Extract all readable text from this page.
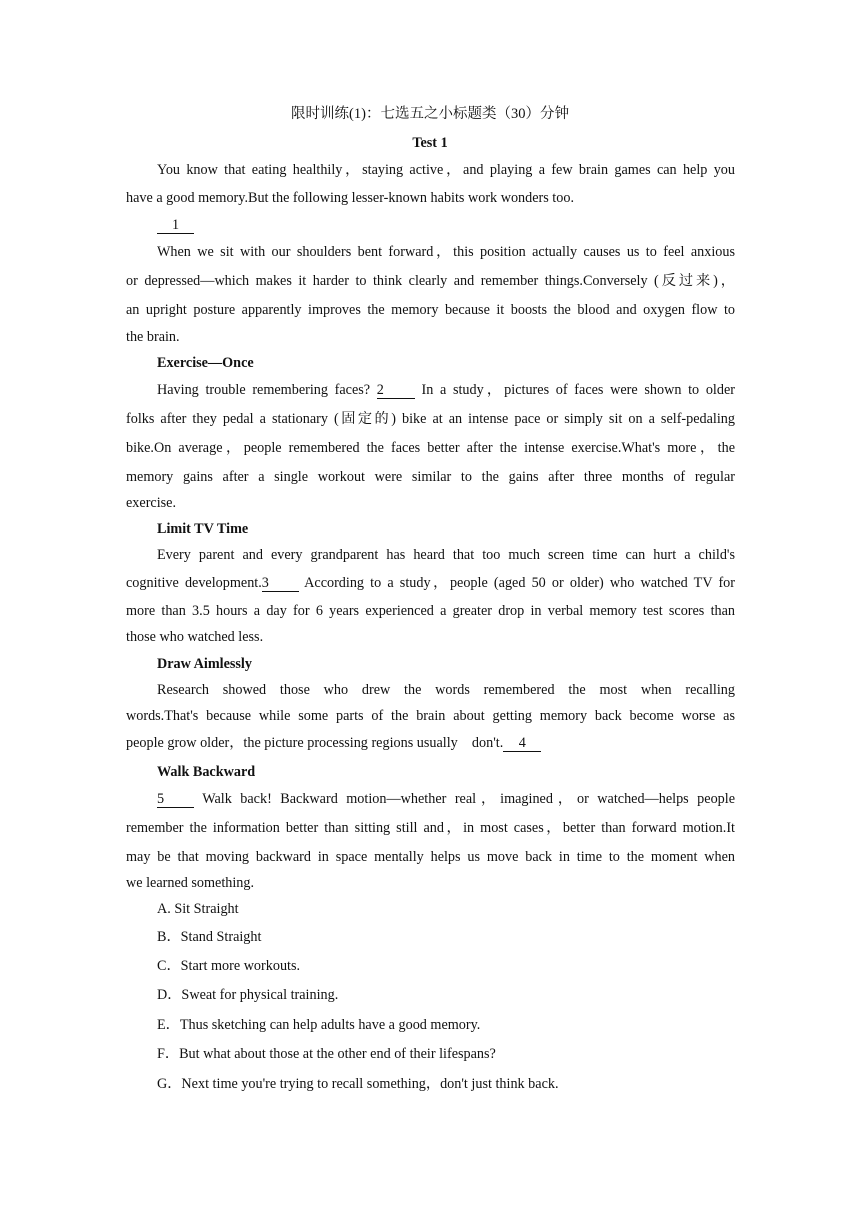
限时训练(1)：七选五之小标题类（30）分钟
Test 1
You know that eating healthily，staying active，and playing a few brain games can help you
have a good memory.But the following lesser-known habits work wonders too.
1
When we sit with our shoulders bent forward，this position actually causes us to feel anxious
or depressed—which makes it harder to think clearly and remember things.Conversely (反过来)，
an upright posture apparently improves the memory because it boosts the blood and oxygen flow to
the brain.
Exercise—Once
Having trouble remembering faces? 2 In a study，pictures of faces were shown to older
folks after they pedal a stationary (固定的) bike at an intense pace or simply sit on a self-pedaling
bike.On average，people remembered the faces better after the intense exercise.What's more，the
memory gains after a single workout were similar to the gains after three months of regular
exercise.
Limit TV Time
Every parent and every grandparent has heard that too much screen time can hurt a child's
cognitive development.3 According to a study，people (aged 50 or older) who watched TV for
more than 3.5 hours a day for 6 years experienced a greater drop in verbal memory test scores than
those who watched less.
Draw Aimlessly
Research showed those who drew the words remembered the most when recalling
words.That's because while some parts of the brain about getting memory back become worse as
people grow older，the picture processing regions usually　don't. 4
Walk Backward
5 Walk back! Backward motion—whether real，imagined，or watched—helps people
remember the information better than sitting still and，in most cases，better than forward motion.It
may be that moving backward in space mentally helps us move back in time to the moment when
we learned something.
A. Sit Straight
B．Stand Straight
C．Start more workouts.
D．Sweat for physical training.
E．Thus sketching can help adults have a good memory.
F．But what about those at the other end of their lifespans?
G．Next time you're trying to recall something，don't just think back.
